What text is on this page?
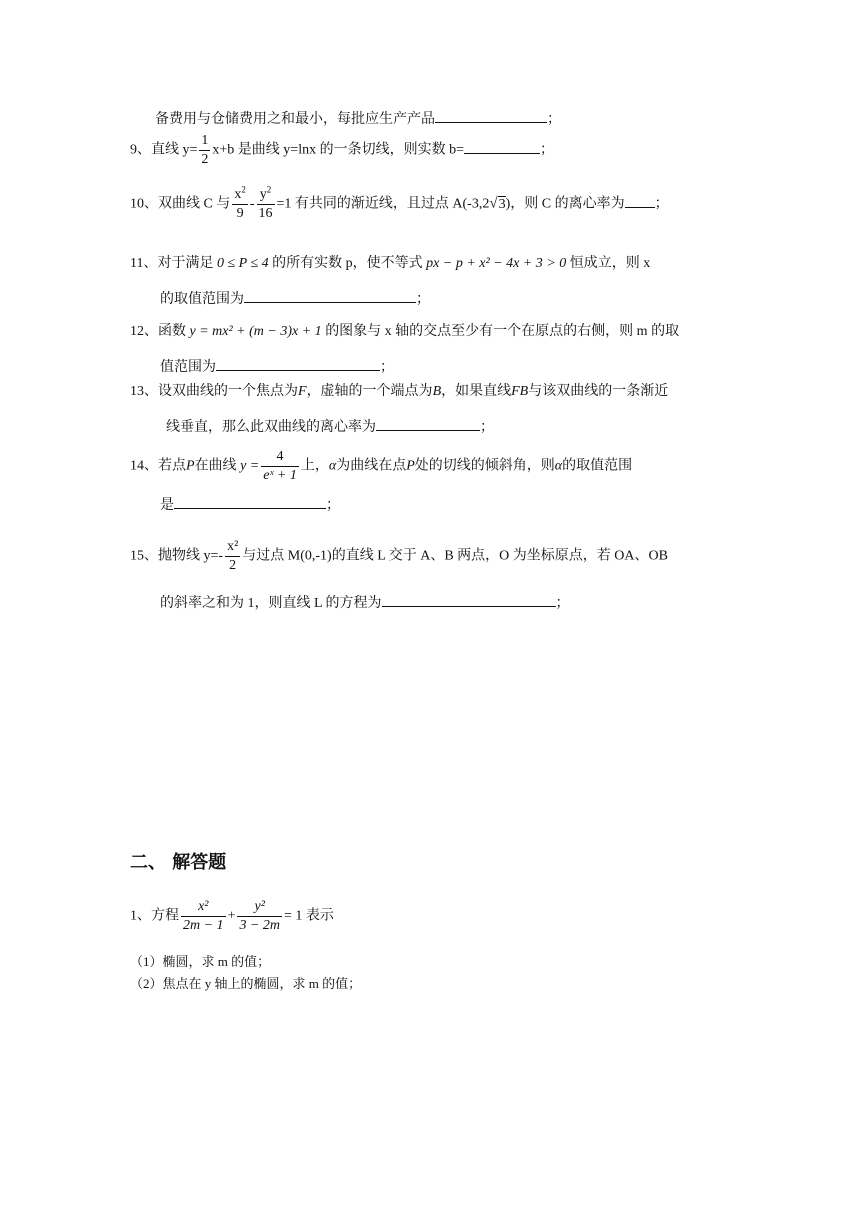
备费用与仓储费用之和最小，每批应生产产品	；
9、直线 $y= \frac{1}{2} x+b$ 是曲线 y=lnx 的一条切线，则实数 b=	；
10、双曲线 C 与 $\frac{x^2}{9} - \frac{y^2}{16} =1$ 有共同的渐近线，且过点 A(-3,2√3)，则 C 的离心率为 ；
11、对于满足 0 ≤ P ≤ 4 的所有实数 p，使不等式 px − p + x² − 4x + 3 > 0 恒成立，则 x
的取值范围为	；
12、函数 y = mx² + (m − 3)x + 1 的图象与 x 轴的交点至少有一个在原点的右侧，则 m 的取
值范围为	；
13、设双曲线的一个焦点为F，虚轴的一个端点为B，如果直线FB与该双曲线的一条渐近
线垂直，那么此双曲线的离心率为	；
14、若点P在曲线 $y = \frac{4}{\text{eˣ + 1}}$ 上，α为曲线在点P处的切线的倾斜角，则α的取值范围
是	；
15、抛物线 $y=- \frac{\text{x²}}{2}$ 与过点 M(0,-1)的直线 L 交于 A、B 两点，O 为坐标原点，若 OA、OB
的斜率之和为 1，则直线 L 的方程为	；
二、 解答题
1、方程 $\frac{\text{x²}}{2m - 1} + \frac{\text{y²}}{3 - 2m} = 1$ 表示
（1）椭圆，求 m 的值；
（2）焦点在 y 轴上的椭圆，求 m 的值；
